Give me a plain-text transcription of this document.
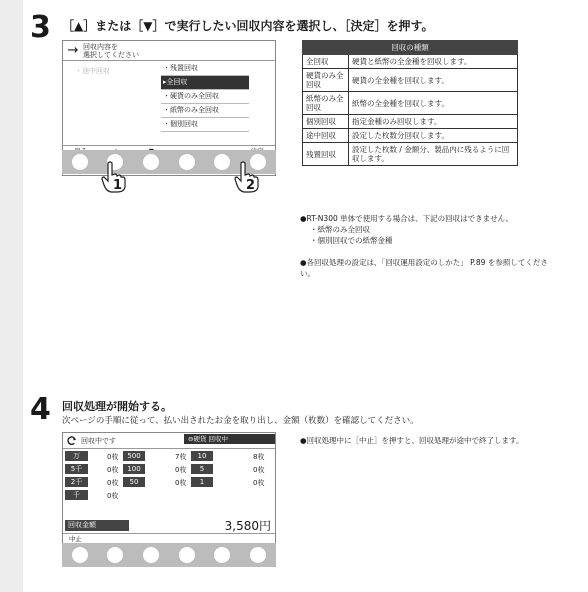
3 ［▲］または［▼］で実行したい回収内容を選択し、［決定］を押す。
→ 回収内容を
選択してください
・途中回収	・残置回収
▸全回収
・硬貨のみ全回収
・紙幣のみ全回収
・個別回収
1	2
回収の種類	
全回収	硬貨と紙幣の全金種を回収します。
硬貨のみ全回収	硬貨の全金種を回収します。
紙幣のみ全回収	紙幣の全金種を回収します。
個別回収	指定金種のみ回収します。
途中回収	設定した枚数分回収します。
残置回収	設定した枚数 / 金額分、製品内に残るように回収します。

●RT-N300 単体で使用する場合は、下記の回収はできません。

・紙幣のみ全回収

・個別回収での紙幣金種

●各回収処理の設定は、「回収運用設定のしかた」 P.89 を参照してください。

4 回収処理が開始する。
次ページの手順に従って、払い出されたお金を取り出し、金額（枚数）を確認してください。
●回収処理中に［中止］を押すと、回収処理が途中で終了します。
回収中です	⊖硬貨 回収中
万	0枚	500	7枚	10	8枚
5千	0枚	100	0枚	5	0枚
2千	0枚	50	0枚	1	0枚
千	0枚
回収金額	3,580円
中止
